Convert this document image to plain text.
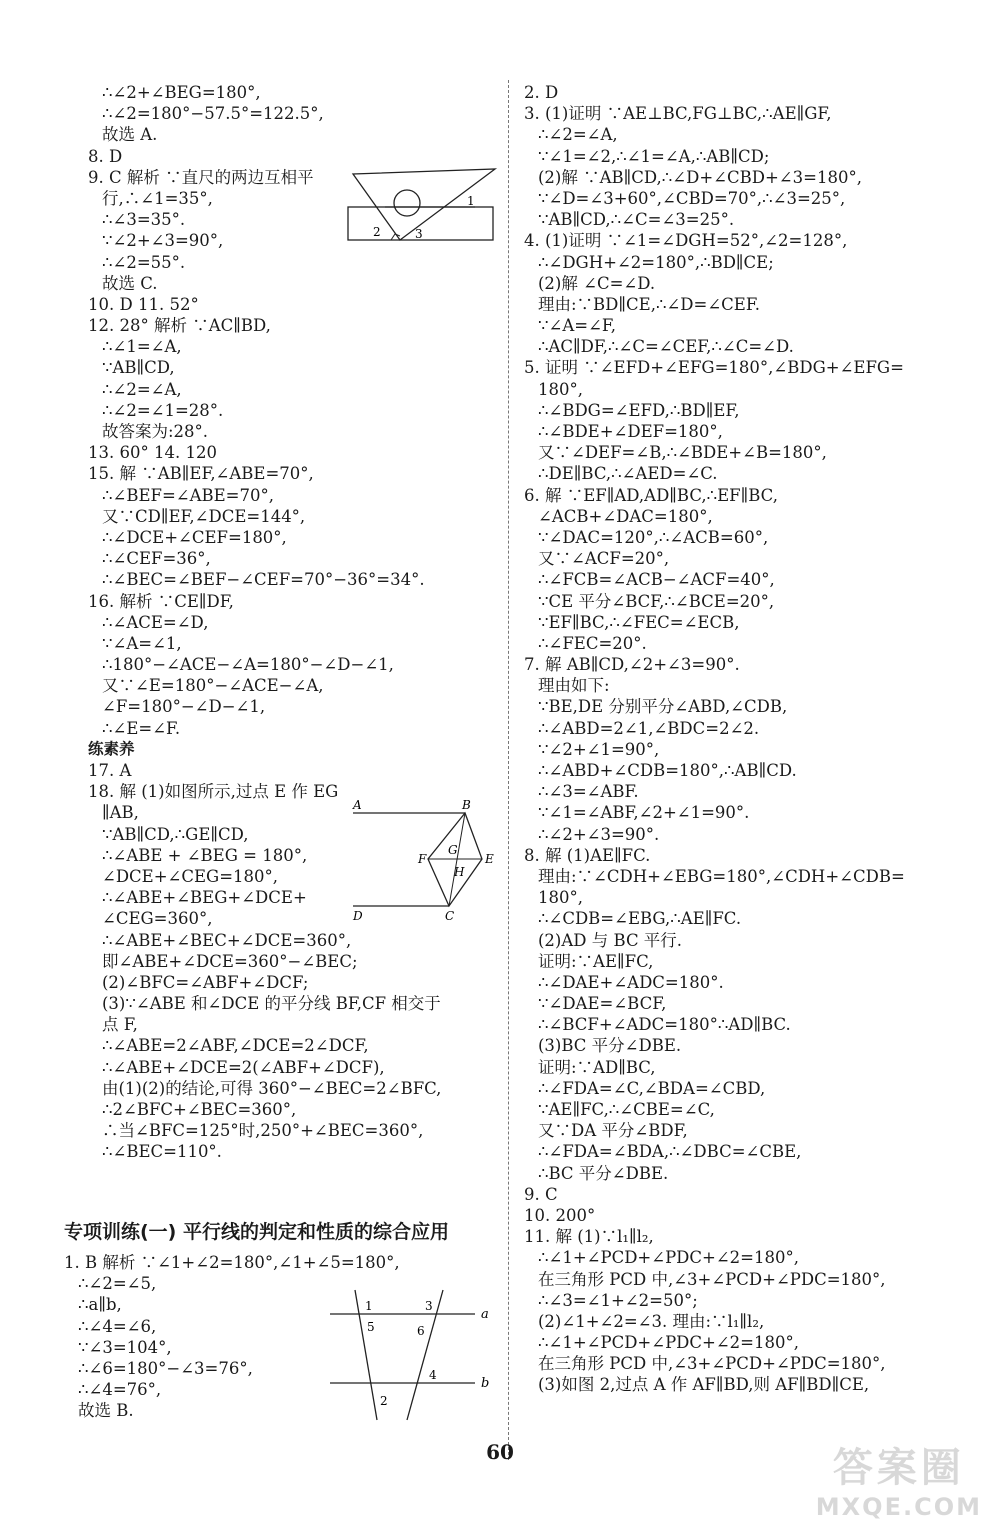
∴∠2+∠BEG=180°,
∴∠2=180°−57.5°=122.5°,
故选 A.
8. D
9. C 解析 ∵直尺的两边互相平
行,∴∠1=35°,
∴∠3=35°.
∵∠2+∠3=90°,
∴∠2=55°.
故选 C.
10. D 11. 52°
12. 28° 解析 ∵AC∥BD,
∴∠1=∠A,
∵AB∥CD,
∴∠2=∠A,
∴∠2=∠1=28°.
故答案为:28°.
13. 60° 14. 120
15. 解 ∵AB∥EF,∠ABE=70°,
∴∠BEF=∠ABE=70°,
又∵CD∥EF,∠DCE=144°,
∴∠DCE+∠CEF=180°,
∴∠CEF=36°,
∴∠BEC=∠BEF−∠CEF=70°−36°=34°.
16. 解析 ∵CE∥DF,
∴∠ACE=∠D,
∵∠A=∠1,
∴180°−∠ACE−∠A=180°−∠D−∠1,
又∵∠E=180°−∠ACE−∠A,
∠F=180°−∠D−∠1,
∴∠E=∠F.
练素养
17. A
18. 解 (1)如图所示,过点 E 作 EG
∥AB,
∵AB∥CD,∴GE∥CD,
∴∠ABE + ∠BEG = 180°,
∠DCE+∠CEG=180°,
∴∠ABE+∠BEG+∠DCE+
∠CEG=360°,
∴∠ABE+∠BEC+∠DCE=360°,
即∠ABE+∠DCE=360°−∠BEC;
(2)∠BFC=∠ABF+∠DCF;
(3)∵∠ABE 和∠DCE 的平分线 BF,CF 相交于
点 F,
∴∠ABE=2∠ABF,∠DCE=2∠DCF,
∴∠ABE+∠DCE=2(∠ABF+∠DCF),
由(1)(2)的结论,可得 360°−∠BEC=2∠BFC,
∴2∠BFC+∠BEC=360°,
∴当∠BFC=125°时,250°+∠BEC=360°,
∴∠BEC=110°.
2. D
3. (1)证明 ∵AE⊥BC,FG⊥BC,∴AE∥GF,
∴∠2=∠A,
∵∠1=∠2,∴∠1=∠A,∴AB∥CD;
(2)解 ∵AB∥CD,∴∠D+∠CBD+∠3=180°,
∵∠D=∠3+60°,∠CBD=70°,∴∠3=25°,
∵AB∥CD,∴∠C=∠3=25°.
4. (1)证明 ∵∠1=∠DGH=52°,∠2=128°,
∴∠DGH+∠2=180°,∴BD∥CE;
(2)解 ∠C=∠D.
理由:∵BD∥CE,∴∠D=∠CEF.
∵∠A=∠F,
∴AC∥DF,∴∠C=∠CEF,∴∠C=∠D.
5. 证明 ∵∠EFD+∠EFG=180°,∠BDG+∠EFG=
180°,
∴∠BDG=∠EFD,∴BD∥EF,
∴∠BDE+∠DEF=180°,
又∵∠DEF=∠B,∴∠BDE+∠B=180°,
∴DE∥BC,∴∠AED=∠C.
6. 解 ∵EF∥AD,AD∥BC,∴EF∥BC,
∠ACB+∠DAC=180°,
∵∠DAC=120°,∴∠ACB=60°,
又∵∠ACF=20°,
∴∠FCB=∠ACB−∠ACF=40°,
∵CE 平分∠BCF,∴∠BCE=20°,
∵EF∥BC,∴∠FEC=∠ECB,
∴∠FEC=20°.
7. 解 AB∥CD,∠2+∠3=90°.
理由如下:
∵BE,DE 分别平分∠ABD,∠CDB,
∴∠ABD=2∠1,∠BDC=2∠2.
∵∠2+∠1=90°,
∴∠ABD+∠CDB=180°,∴AB∥CD.
∴∠3=∠ABF.
∵∠1=∠ABF,∠2+∠1=90°.
∴∠2+∠3=90°.
8. 解 (1)AE∥FC.
理由:∵∠CDH+∠EBG=180°,∠CDH+∠CDB=
180°,
∴∠CDB=∠EBG,∴AE∥FC.
(2)AD 与 BC 平行.
证明:∵AE∥FC,
∴∠DAE+∠ADC=180°.
∵∠DAE=∠BCF,
∴∠BCF+∠ADC=180°∴AD∥BC.
(3)BC 平分∠DBE.
证明:∵AD∥BC,
∴∠FDA=∠C,∠BDA=∠CBD,
∵AE∥FC,∴∠CBE=∠C,
又∵DA 平分∠BDF,
∴∠FDA=∠BDA,∴∠DBC=∠CBE,
∴BC 平分∠DBE.
9. C
10. 200°
11. 解 (1)∵l₁∥l₂,
∴∠1+∠PCD+∠PDC+∠2=180°,
在三角形 PCD 中,∠3+∠PCD+∠PDC=180°,
∴∠3=∠1+∠2=50°;
(2)∠1+∠2=∠3. 理由:∵l₁∥l₂,
∴∠1+∠PCD+∠PDC+∠2=180°,
在三角形 PCD 中,∠3+∠PCD+∠PDC=180°,
(3)如图 2,过点 A 作 AF∥BD,则 AF∥BD∥CE,
专项训练(一) 平行线的判定和性质的综合应用
1. B 解析 ∵∠1+∠2=180°,∠1+∠5=180°,
∴∠2=∠5,
∴a∥b,
∴∠4=∠6,
∵∠3=104°,
∴∠6=180°−∠3=76°,
∴∠4=76°,
故选 B.
1
2	3
A	B
C
D
E
F
G
H
1
2
3
4
5	6
a
b
60	答案圈
MXQE.COM
